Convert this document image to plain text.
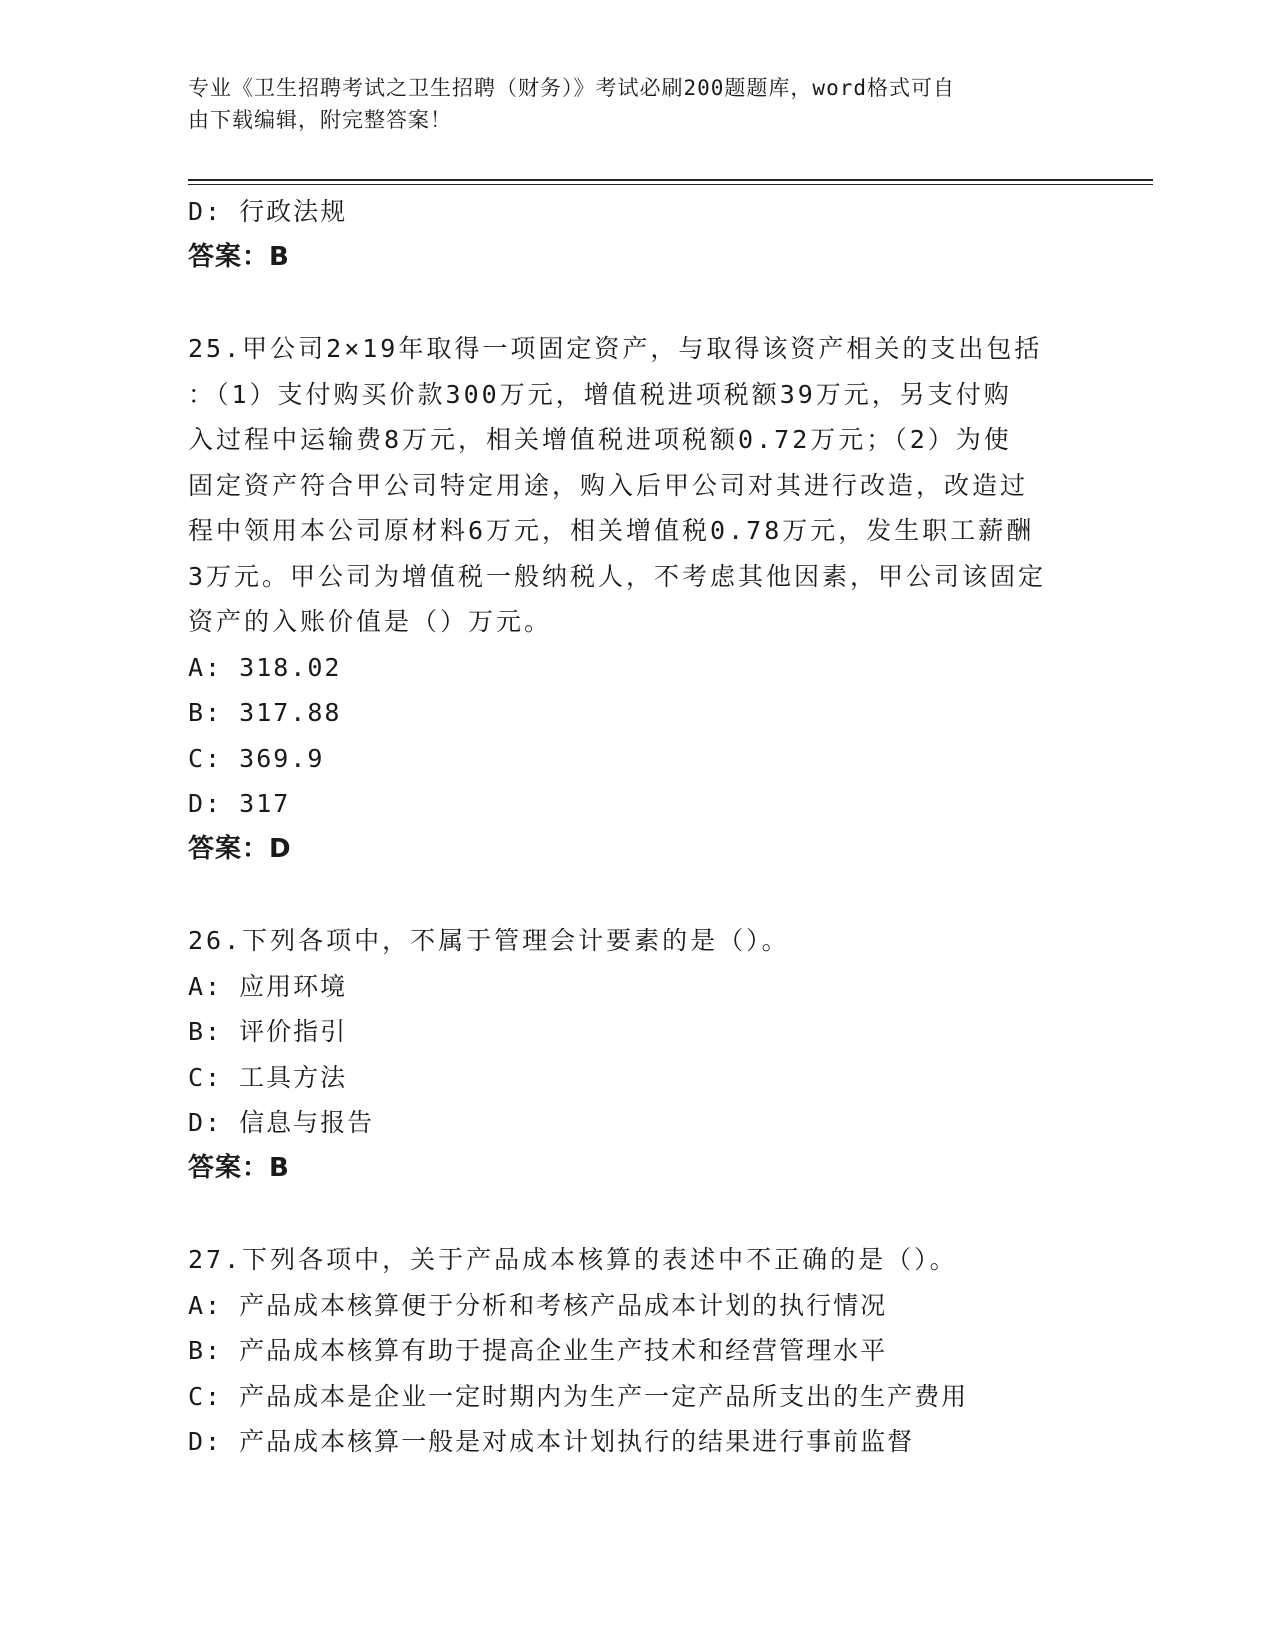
专业《卫生招聘考试之卫生招聘（财务）》考试必刷200题题库，word格式可自
由下载编辑，附完整答案！
D: 行政法规
答案：B
25.甲公司2×19年取得一项固定资产，与取得该资产相关的支出包括
：（1）支付购买价款300万元，增值税进项税额39万元，另支付购
入过程中运输费8万元，相关增值税进项税额0.72万元；（2）为使
固定资产符合甲公司特定用途，购入后甲公司对其进行改造，改造过
程中领用本公司原材料6万元，相关增值税0.78万元，发生职工薪酬
3万元。甲公司为增值税一般纳税人，不考虑其他因素，甲公司该固定
资产的入账价值是（）万元。
A: 318.02
B: 317.88
C: 369.9
D: 317
答案：D
26.下列各项中，不属于管理会计要素的是（）。
A: 应用环境
B: 评价指引
C: 工具方法
D: 信息与报告
答案：B
27.下列各项中，关于产品成本核算的表述中不正确的是（）。
A: 产品成本核算便于分析和考核产品成本计划的执行情况
B: 产品成本核算有助于提高企业生产技术和经营管理水平
C: 产品成本是企业一定时期内为生产一定产品所支出的生产费用
D: 产品成本核算一般是对成本计划执行的结果进行事前监督
